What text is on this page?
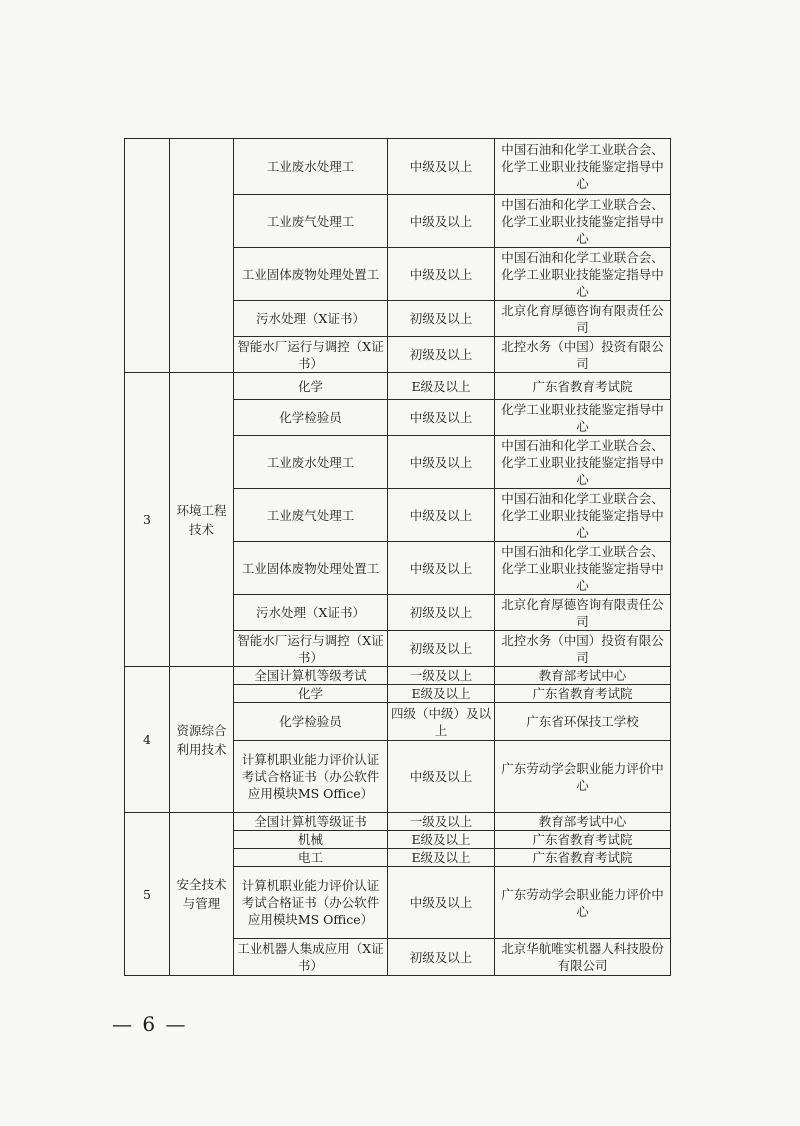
		工业废水处理工	中级及以上	中国石油和化学工业联合会、化学工业职业技能鉴定指导中心
		工业废气处理工	中级及以上	中国石油和化学工业联合会、化学工业职业技能鉴定指导中心
		工业固体废物处理处置工	中级及以上	中国石油和化学工业联合会、化学工业职业技能鉴定指导中心
		污水处理（X证书）	初级及以上	北京化育厚德咨询有限责任公司
		智能水厂运行与调控（X证书）	初级及以上	北控水务（中国）投资有限公司
3	环境工程技术	化学	E级及以上	广东省教育考试院
		化学检验员	中级及以上	化学工业职业技能鉴定指导中心
		工业废水处理工	中级及以上	中国石油和化学工业联合会、化学工业职业技能鉴定指导中心
		工业废气处理工	中级及以上	中国石油和化学工业联合会、化学工业职业技能鉴定指导中心
		工业固体废物处理处置工	中级及以上	中国石油和化学工业联合会、化学工业职业技能鉴定指导中心
		污水处理（X证书）	初级及以上	北京化育厚德咨询有限责任公司
		智能水厂运行与调控（X证书）	初级及以上	北控水务（中国）投资有限公司
4	资源综合利用技术	全国计算机等级考试	一级及以上	教育部考试中心
		化学	E级及以上	广东省教育考试院
		化学检验员	四级（中级）及以上	广东省环保技工学校
		计算机职业能力评价认证考试合格证书（办公软件应用模块MS Office）	中级及以上	广东劳动学会职业能力评价中心
5	安全技术与管理	全国计算机等级证书	一级及以上	教育部考试中心
		机械	E级及以上	广东省教育考试院
		电工	E级及以上	广东省教育考试院
		计算机职业能力评价认证考试合格证书（办公软件应用模块MS Office）	中级及以上	广东劳动学会职业能力评价中心
		工业机器人集成应用（X证书）	初级及以上	北京华航唯实机器人科技股份有限公司
— 6 —
